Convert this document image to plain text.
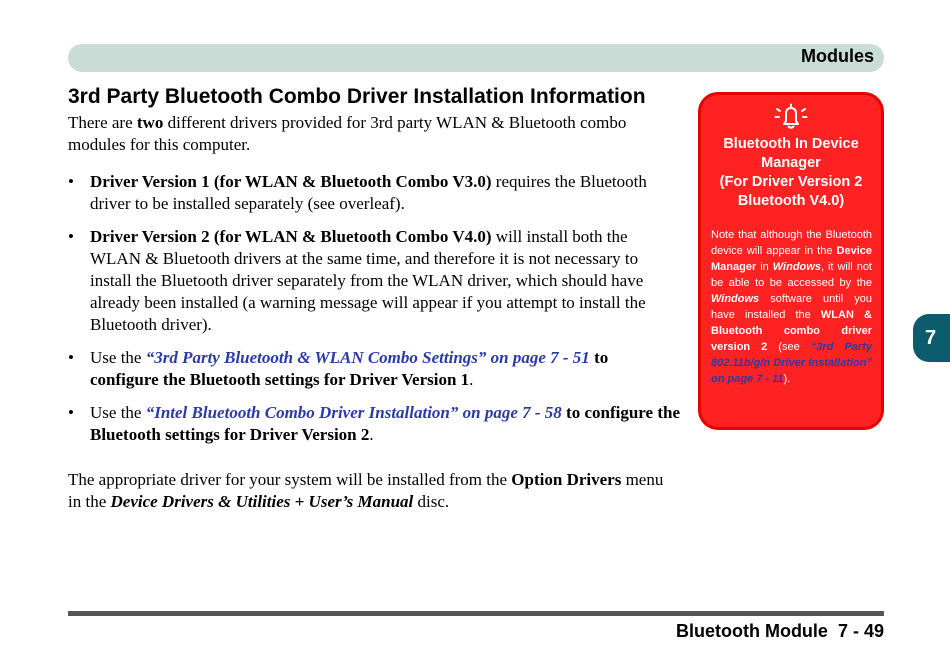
Modules
3rd Party Bluetooth Combo Driver Installation Information

There are two different drivers provided for 3rd party WLAN & Bluetooth combo modules for this computer.

• Driver Version 1 (for WLAN & Bluetooth Combo V3.0) requires the Bluetooth driver to be installed separately (see overleaf).
• Driver Version 2 (for WLAN & Bluetooth Combo V4.0) will install both the WLAN & Bluetooth drivers at the same time, and therefore it is not necessary to install the Bluetooth driver separately from the WLAN driver, which should have already been installed (a warning message will appear if you attempt to install the Bluetooth driver).
• Use the “3rd Party Bluetooth & WLAN Combo Settings” on page 7 - 51 to configure the Bluetooth settings for Driver Version 1.
• Use the “Intel Bluetooth Combo Driver Installation” on page 7 - 58 to configure the Bluetooth settings for Driver Version 2.

The appropriate driver for your system will be installed from the Option Drivers menu in the Device Drivers & Utilities + User’s Manual disc.

Bluetooth In Device
Manager
(For Driver Version 2
Bluetooth V4.0)
Note that although the Bluetooth device will appear in the Device Manager in Windows, it will not be able to be accessed by the Windows software until you have installed the WLAN & Bluetooth combo driver version 2 (see “3rd Party 802.11b/g/n Driver Installation” on page 7 - 11).
7
Bluetooth Module 7 - 49
